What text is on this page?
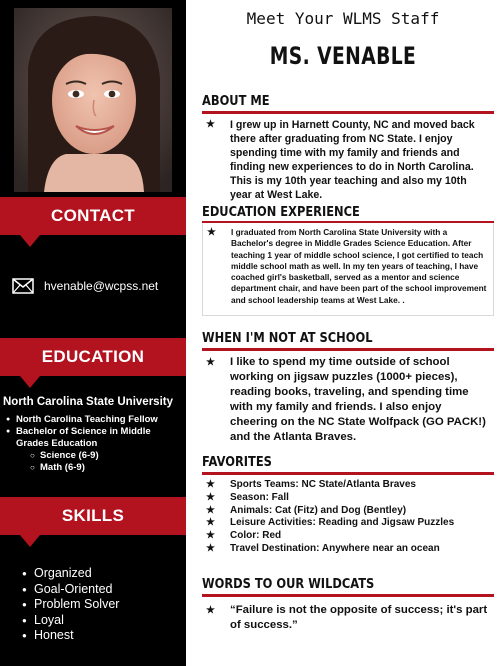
CONTACT
hvenable@wcpss.net
EDUCATION
North Carolina State University
● North Carolina Teaching Fellow
● Bachelor of Science in Middle Grades Education
○ Science (6-9)
○ Math (6-9)
SKILLS
● Organized
● Goal-Oriented
● Problem Solver
● Loyal
● Honest
Meet Your WLMS Staff
MS. VENABLE
ABOUT ME
★ I grew up in Harnett County, NC and moved back there after graduating from NC State. I enjoy spending time with my family and friends and finding new experiences to do in North Carolina. This is my 10th year teaching and also my 10th year at West Lake.
EDUCATION EXPERIENCE
★ I graduated from North Carolina State University with a Bachelor's degree in Middle Grades Science Education. After teaching 1 year of middle school science, I got certified to teach middle school math as well. In my ten years of teaching, I have coached girl's basketball, served as a mentor and science department chair, and have been part of the school improvement and school leadership teams at West Lake. .
WHEN I'M NOT AT SCHOOL
★ I like to spend my time outside of school working on jigsaw puzzles (1000+ pieces), reading books, traveling, and spending time with my family and friends. I also enjoy cheering on the NC State Wolfpack (GO PACK!) and the Atlanta Braves.
FAVORITES
★ Sports Teams: NC State/Atlanta Braves
★ Season: Fall
★ Animals: Cat (Fitz) and Dog (Bentley)
★ Leisure Activities: Reading and Jigsaw Puzzles
★ Color: Red
★ Travel Destination: Anywhere near an ocean
WORDS TO OUR WILDCATS
★ “Failure is not the opposite of success; it's part of success.”
